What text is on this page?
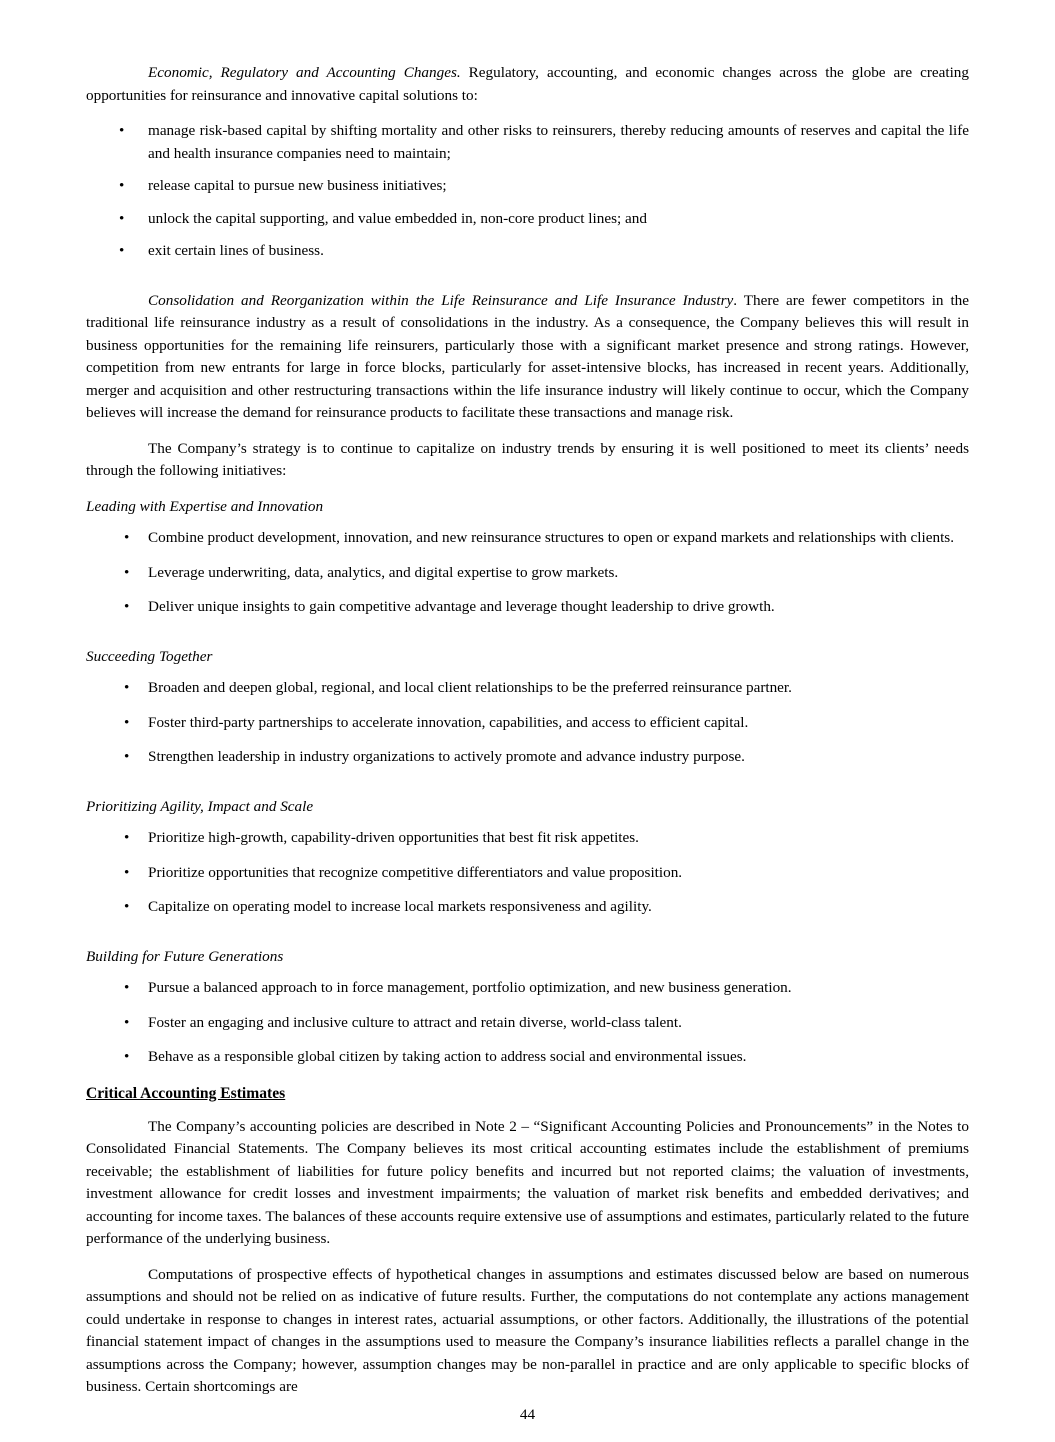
Economic, Regulatory and Accounting Changes. Regulatory, accounting, and economic changes across the globe are creating opportunities for reinsurance and innovative capital solutions to:

• manage risk-based capital by shifting mortality and other risks to reinsurers, thereby reducing amounts of reserves and capital the life and health insurance companies need to maintain;
• release capital to pursue new business initiatives;
• unlock the capital supporting, and value embedded in, non-core product lines; and
• exit certain lines of business.

Consolidation and Reorganization within the Life Reinsurance and Life Insurance Industry. There are fewer competitors in the traditional life reinsurance industry as a result of consolidations in the industry. As a consequence, the Company believes this will result in business opportunities for the remaining life reinsurers, particularly those with a significant market presence and strong ratings. However, competition from new entrants for large in force blocks, particularly for asset-intensive blocks, has increased in recent years. Additionally, merger and acquisition and other restructuring transactions within the life insurance industry will likely continue to occur, which the Company believes will increase the demand for reinsurance products to facilitate these transactions and manage risk.

The Company’s strategy is to continue to capitalize on industry trends by ensuring it is well positioned to meet its clients’ needs through the following initiatives:

Leading with Expertise and Innovation
• Combine product development, innovation, and new reinsurance structures to open or expand markets and relationships with clients.
• Leverage underwriting, data, analytics, and digital expertise to grow markets.
• Deliver unique insights to gain competitive advantage and leverage thought leadership to drive growth.
Succeeding Together
• Broaden and deepen global, regional, and local client relationships to be the preferred reinsurance partner.
• Foster third-party partnerships to accelerate innovation, capabilities, and access to efficient capital.
• Strengthen leadership in industry organizations to actively promote and advance industry purpose.
Prioritizing Agility, Impact and Scale
• Prioritize high-growth, capability-driven opportunities that best fit risk appetites.
• Prioritize opportunities that recognize competitive differentiators and value proposition.
• Capitalize on operating model to increase local markets responsiveness and agility.
Building for Future Generations
• Pursue a balanced approach to in force management, portfolio optimization, and new business generation.
• Foster an engaging and inclusive culture to attract and retain diverse, world-class talent.
• Behave as a responsible global citizen by taking action to address social and environmental issues.
Critical Accounting Estimates

The Company’s accounting policies are described in Note 2 – “Significant Accounting Policies and Pronouncements” in the Notes to Consolidated Financial Statements. The Company believes its most critical accounting estimates include the establishment of premiums receivable; the establishment of liabilities for future policy benefits and incurred but not reported claims; the valuation of investments, investment allowance for credit losses and investment impairments; the valuation of market risk benefits and embedded derivatives; and accounting for income taxes. The balances of these accounts require extensive use of assumptions and estimates, particularly related to the future performance of the underlying business.

Computations of prospective effects of hypothetical changes in assumptions and estimates discussed below are based on numerous assumptions and should not be relied on as indicative of future results. Further, the computations do not contemplate any actions management could undertake in response to changes in interest rates, actuarial assumptions, or other factors. Additionally, the illustrations of the potential financial statement impact of changes in the assumptions used to measure the Company’s insurance liabilities reflects a parallel change in the assumptions across the Company; however, assumption changes may be non-parallel in practice and are only applicable to specific blocks of business. Certain shortcomings are

44
